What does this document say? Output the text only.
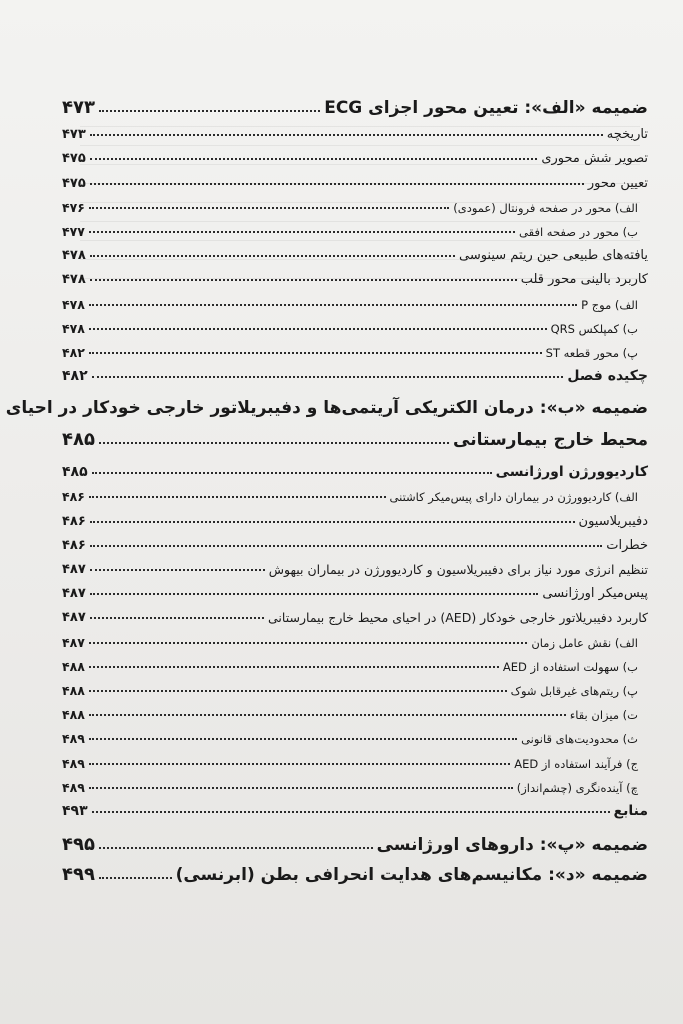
ضمیمه «الف»: تعیین محور اجزای ECG
۴۷۳
تاریخچه
۴۷۳
تصویر شش محوری
۴۷۵
تعیین محور
۴۷۵
الف) محور در صفحه فرونتال (عمودی)
۴۷۶
ب) محور در صفحه افقی
۴۷۷
یافته‌های طبیعی حین ریتم سینوسی
۴۷۸
کاربرد بالینی محور قلب
۴۷۸
الف) موج P
۴۷۸
ب) کمپلکس QRS
۴۷۸
پ) محور قطعه ST
۴۸۲
چکیده فصل
۴۸۲
ضمیمه «ب»: درمان الکتریکی آریتمی‌ها و دفیبریلاتور خارجی خودکار در احیای
محیط خارج بیمارستانی
۴۸۵
کاردیوورژن اورژانسی
۴۸۵
الف) کاردیوورژن در بیماران دارای پیس‌میکر کاشتنی
۴۸۶
دفیبریلاسیون
۴۸۶
خطرات
۴۸۶
تنظیم انرژی مورد نیاز برای دفیبریلاسیون و کاردیوورژن در بیماران بیهوش
۴۸۷
پیس‌میکر اورژانسی
۴۸۷
کاربرد دفیبریلاتور خارجی خودکار (AED) در احیای محیط خارج بیمارستانی
۴۸۷
الف) نقش عامل زمان
۴۸۷
ب) سهولت استفاده از AED
۴۸۸
پ) ریتم‌های غیرقابل شوک
۴۸۸
ت) میزان بقاء
۴۸۸
ث) محدودیت‌های قانونی
۴۸۹
ج) فرآیند استفاده از AED
۴۸۹
چ) آینده‌نگری (چشم‌انداز)
۴۸۹
منابع
۴۹۳
ضمیمه «پ»: داروهای اورژانسی
۴۹۵
ضمیمه «د»: مکانیسم‌های هدایت انحرافی بطن (ابرنسی)
۴۹۹
